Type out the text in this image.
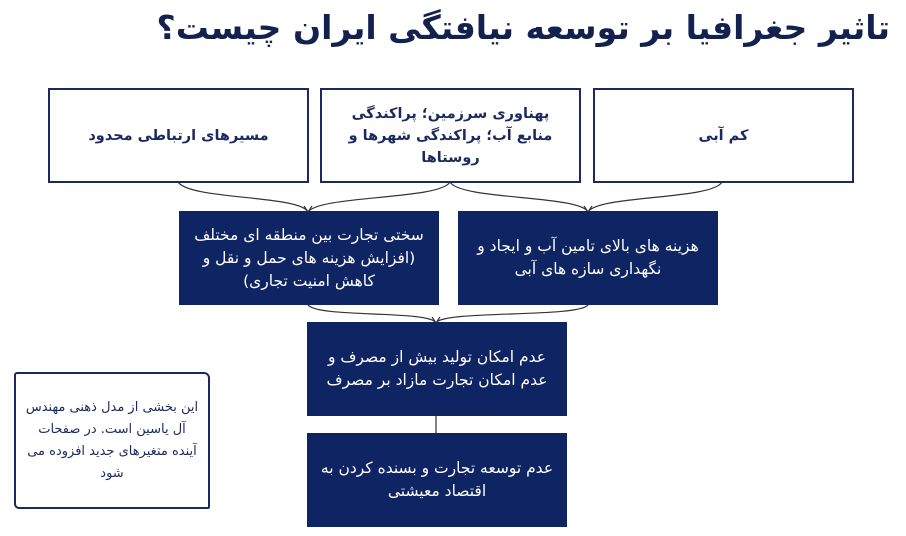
تاثیر جغرافیا بر توسعه نیافتگی ایران چیست؟
مسیرهای ارتباطی محدود
پهناوری سرزمین؛ پراکندگی منابع آب؛ پراکندگی شهرها و روستاها
کم آبی
سختی تجارت بین منطقه ای مختلف (افزایش هزینه های حمل و نقل و کاهش امنیت تجاری)
هزینه های بالای تامین آب و ایجاد و نگهداری سازه های آبی
عدم امکان تولید بیش از مصرف و عدم امکان تجارت مازاد بر مصرف
عدم توسعه تجارت و بسنده کردن به اقتصاد معیشتی
این بخشی از مدل ذهنی مهندس آل یاسین است. در صفحات آینده متغیرهای جدید افزوده می شود
